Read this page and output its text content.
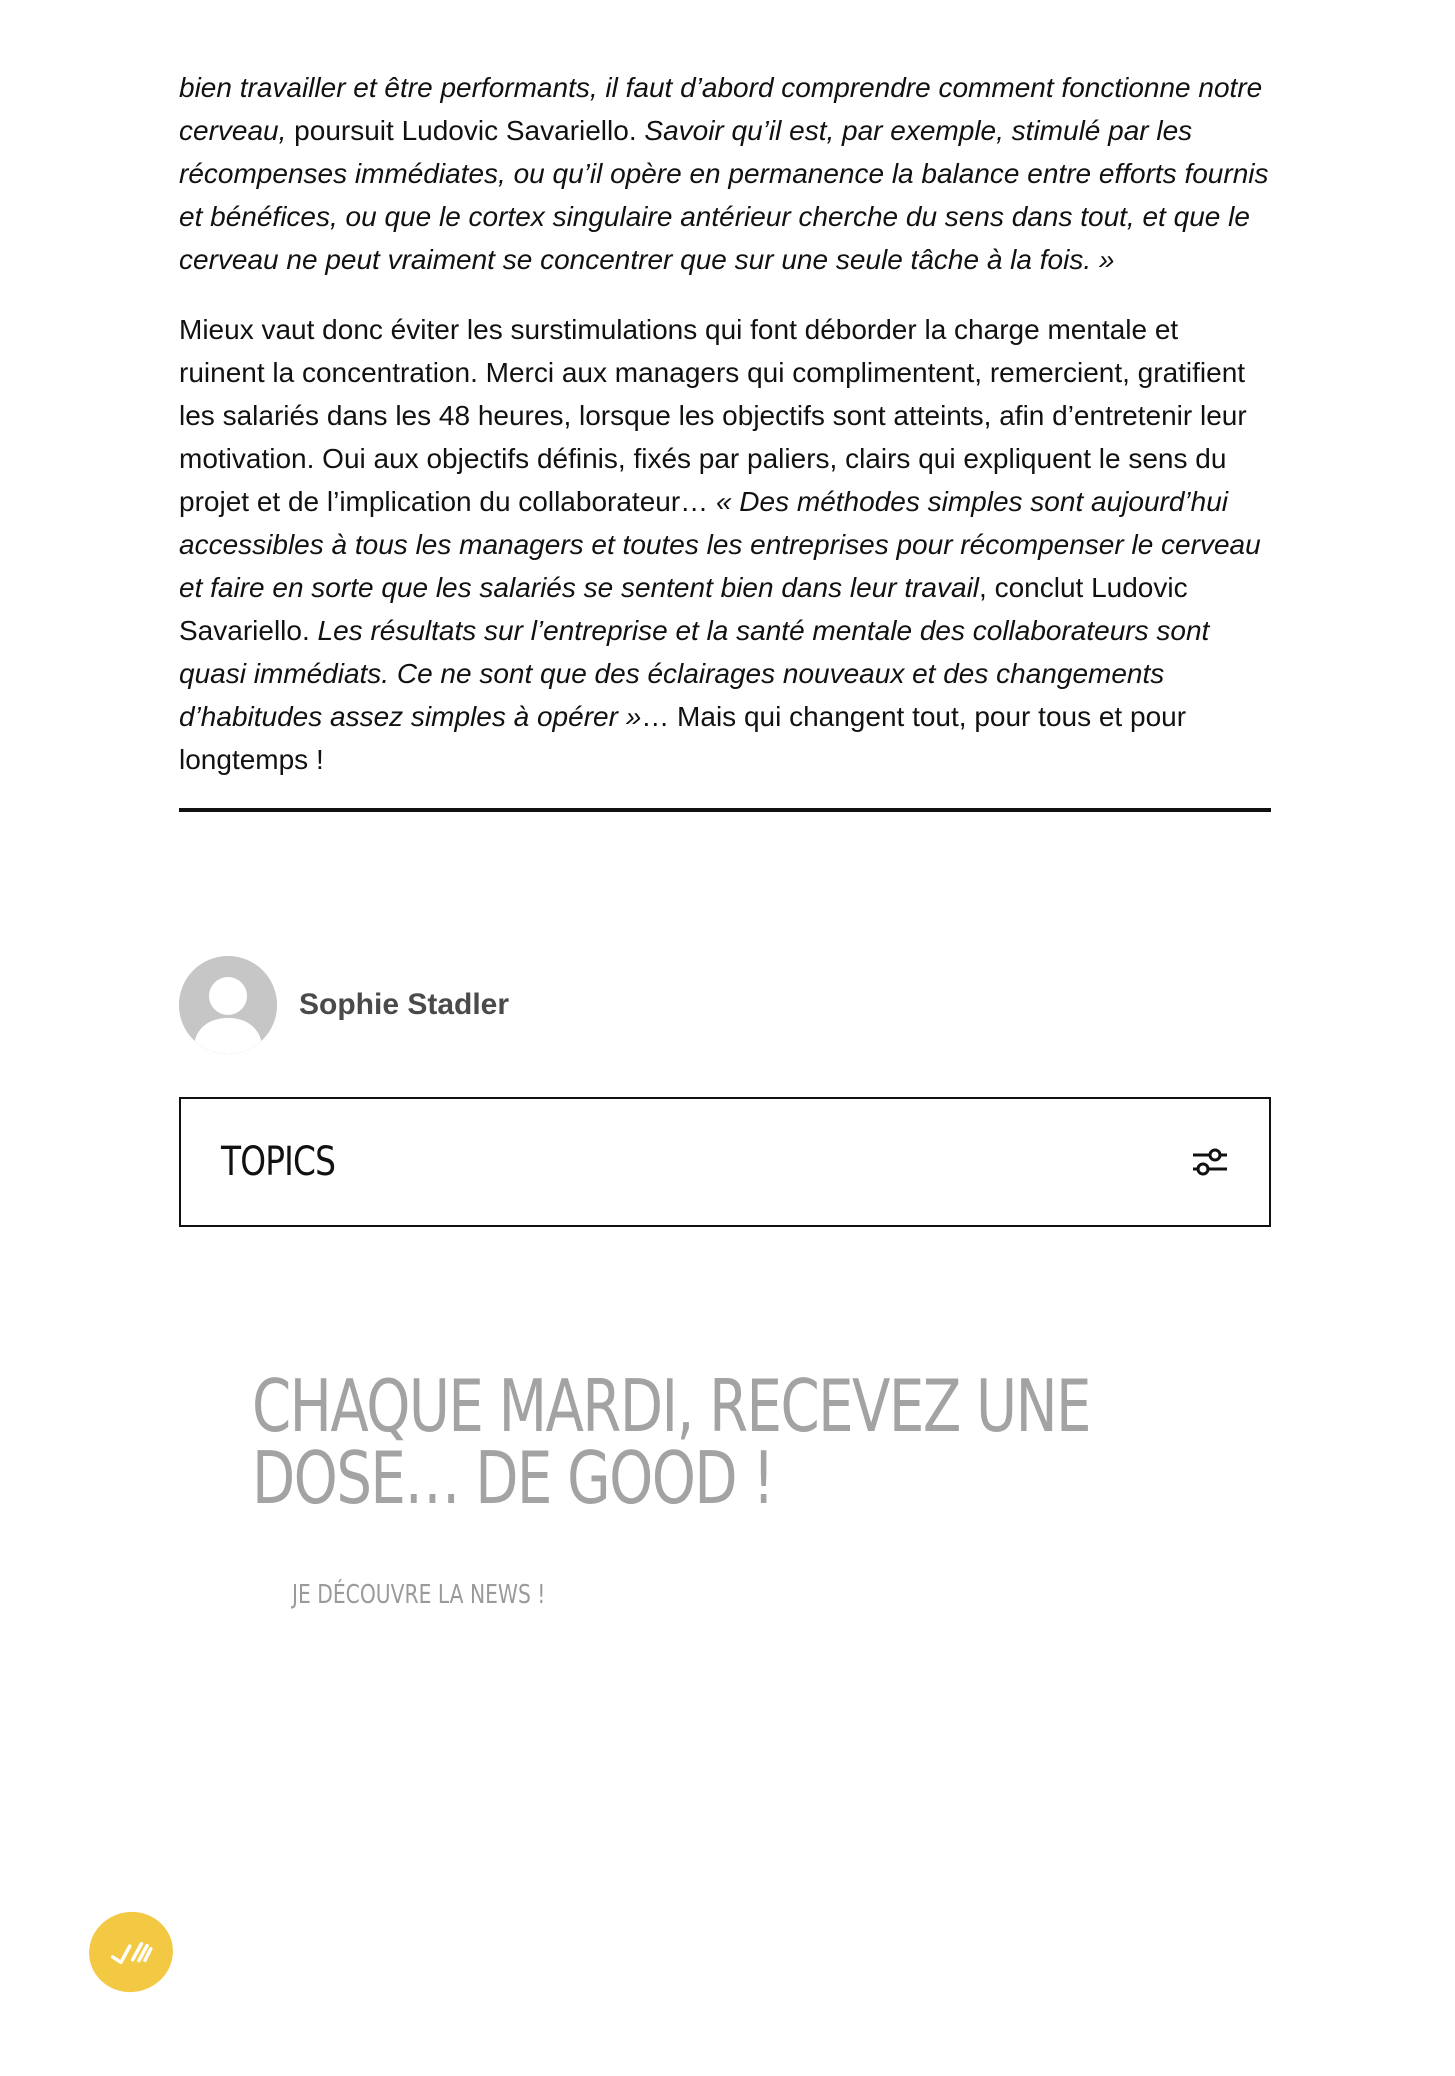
bien travailler et être performants, il faut d’abord comprendre comment fonctionne notre cerveau, poursuit Ludovic Savariello. Savoir qu’il est, par exemple, stimulé par les récompenses immédiates, ou qu’il opère en permanence la balance entre efforts fournis et bénéfices, ou que le cortex singulaire antérieur cherche du sens dans tout, et que le cerveau ne peut vraiment se concentrer que sur une seule tâche à la fois. »

Mieux vaut donc éviter les surstimulations qui font déborder la charge mentale et ruinent la concentration. Merci aux managers qui complimentent, remercient, gratifient les salariés dans les 48 heures, lorsque les objectifs sont atteints, afin d’entretenir leur motivation. Oui aux objectifs définis, fixés par paliers, clairs qui expliquent le sens du projet et de l’implication du collaborateur… « Des méthodes simples sont aujourd’hui accessibles à tous les managers et toutes les entreprises pour récompenser le cerveau et faire en sorte que les salariés se sentent bien dans leur travail, conclut Ludovic Savariello. Les résultats sur l’entreprise et la santé mentale des collaborateurs sont quasi immédiats. Ce ne sont que des éclairages nouveaux et des changements d’habitudes assez simples à opérer »… Mais qui changent tout, pour tous et pour longtemps !

Sophie Stadler
TOPICS
CHAQUE MARDI, RECEVEZ UNE DOSE… DE GOOD !
JE DÉCOUVRE LA NEWS !
